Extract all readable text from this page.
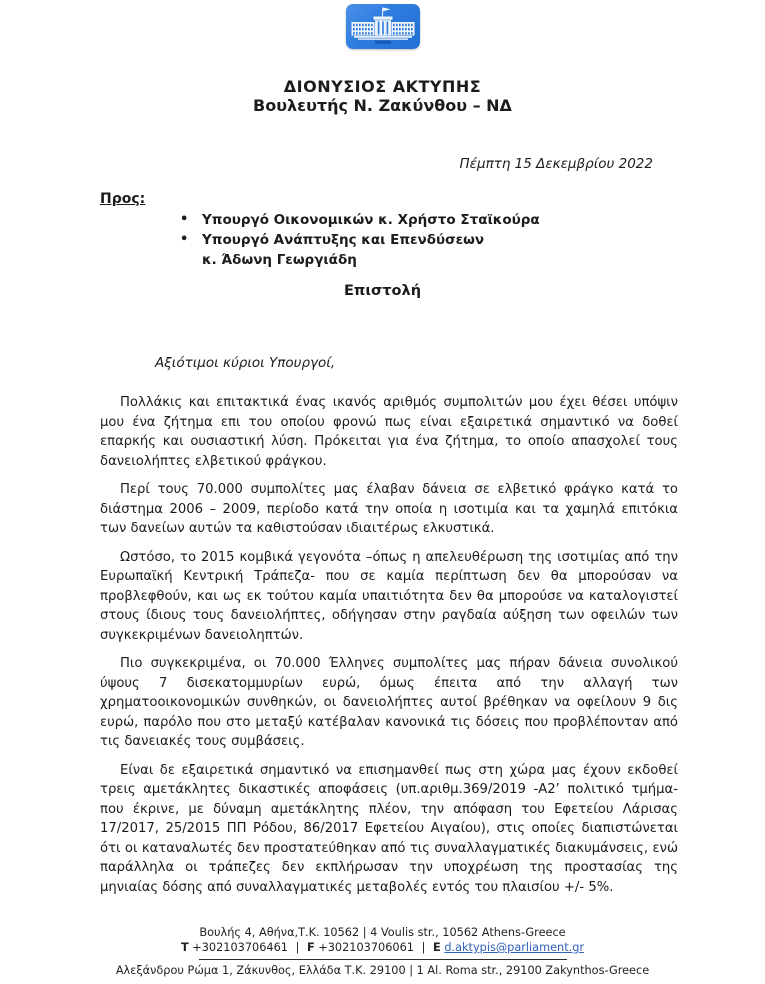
ΔΙΟΝΥΣΙΟΣ ΑΚΤΥΠΗΣ
Βουλευτής Ν. Ζακύνθου – ΝΔ
Πέμπτη 15 Δεκεμβρίου 2022
Προς:
•	Υπουργό Οικονομικών κ. Χρήστο Σταϊκούρα
•	Υπουργό Ανάπτυξης και Επενδύσεων
κ. Άδωνη Γεωργιάδη
Επιστολή
Αξιότιμοι κύριοι Υπουργοί,

Πολλάκις και επιτακτικά ένας ικανός αριθμός συμπολιτών μου έχει θέσει υπόψιν μου ένα ζήτημα επι του οποίου φρονώ πως είναι εξαιρετικά σημαντικό να δοθεί επαρκής και ουσιαστική λύση. Πρόκειται για ένα ζήτημα, το οποίο απασχολεί τους δανειολήπτες ελβετικού φράγκου.

Περί τους 70.000 συμπολίτες μας έλαβαν δάνεια σε ελβετικό φράγκο κατά το διάστημα 2006 – 2009, περίοδο κατά την οποία η ισοτιμία και τα χαμηλά επιτόκια των δανείων αυτών τα καθιστούσαν ιδιαιτέρως ελκυστικά.

Ωστόσο, το 2015 κομβικά γεγονότα –όπως η απελευθέρωση της ισοτιμίας από την Ευρωπαϊκή Κεντρική Τράπεζα- που σε καμία περίπτωση δεν θα μπορούσαν να προβλεφθούν, και ως εκ τούτου καμία υπαιτιότητα δεν θα μπορούσε να καταλογιστεί στους ίδιους τους δανειολήπτες, οδήγησαν στην ραγδαία αύξηση των οφειλών των συγκεκριμένων δανειοληπτών.

Πιο συγκεκριμένα, οι 70.000 Έλληνες συμπολίτες μας πήραν δάνεια συνολικού ύψους 7 δισεκατομμυρίων ευρώ, όμως έπειτα από την αλλαγή των χρηματοοικονομικών συνθηκών, οι δανειολήπτες αυτοί βρέθηκαν να οφείλουν 9 δις ευρώ, παρόλο που στο μεταξύ κατέβαλαν κανονικά τις δόσεις που προβλέπονταν από τις δανειακές τους συμβάσεις.

Είναι δε εξαιρετικά σημαντικό να επισημανθεί πως στη χώρα μας έχουν εκδοθεί τρεις αμετάκλητες δικαστικές αποφάσεις (υπ.αριθμ.369/2019 -Α2’ πολιτικό τμήμα- που έκρινε, με δύναμη αμετάκλητης πλέον, την απόφαση του Εφετείου Λάρισας 17/2017, 25/2015 ΠΠ Ρόδου, 86/2017 Εφετείου Αιγαίου), στις οποίες διαπιστώνεται ότι οι καταναλωτές δεν προστατεύθηκαν από τις συναλλαγματικές διακυμάνσεις, ενώ παράλληλα οι τράπεζες δεν εκπλήρωσαν την υποχρέωση της προστασίας της μηνιαίας δόσης από συναλλαγματικές μεταβολές εντός του πλαισίου +/- 5%.

Βουλής 4, Αθήνα,Τ.Κ. 10562 | 4 Voulis str., 10562 Athens-Greece
T +302103706461 | F +302103706061 | E d.aktypis@parliament.gr
Αλεξάνδρου Ρώμα 1, Ζάκυνθος, Ελλάδα Τ.Κ. 29100 | 1 Al. Roma str., 29100 Zakynthos-Greece
